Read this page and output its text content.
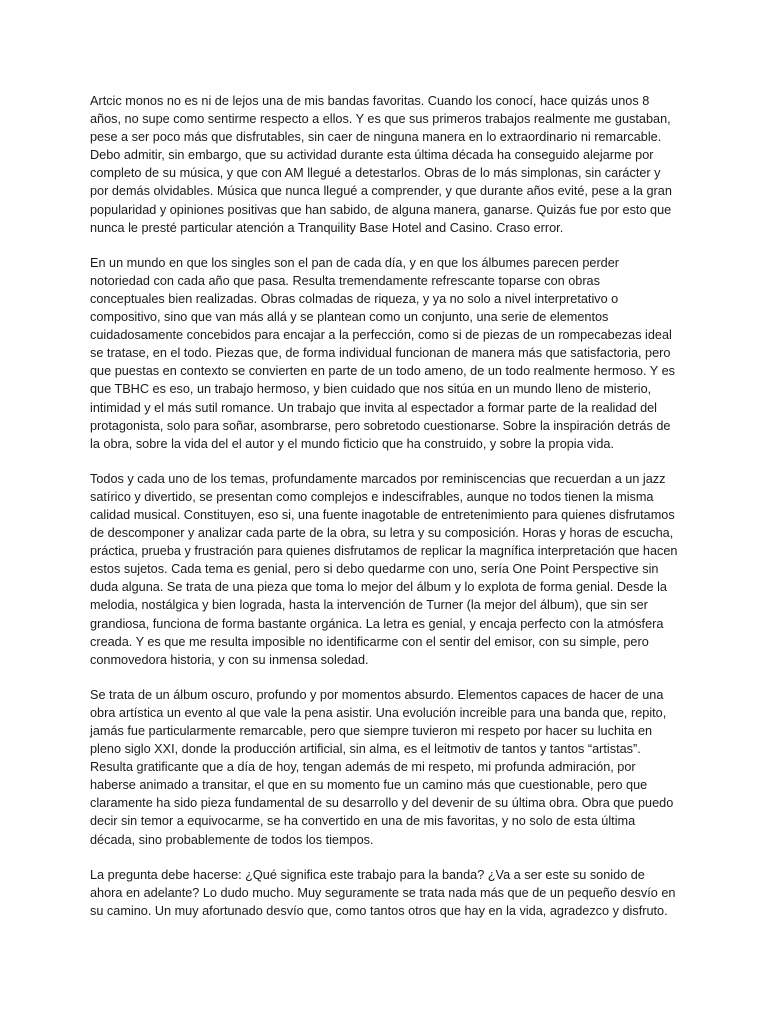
Artcic monos no es ni de lejos una de mis bandas favoritas. Cuando los conocí, hace quizás unos 8 años, no supe como sentirme respecto a ellos. Y es que sus primeros trabajos realmente me gustaban, pese a ser poco más que disfrutables, sin caer de ninguna manera en lo extraordinario ni remarcable. Debo admitir, sin embargo, que su actividad durante esta última década ha conseguido alejarme por completo de su música, y que con AM llegué a detestarlos. Obras de lo más simplonas, sin carácter y por demás olvidables. Música que nunca llegué a comprender, y que durante años evité, pese a la gran popularidad y opiniones positivas que han sabido, de alguna manera, ganarse. Quizás fue por esto que nunca le presté particular atención a Tranquility Base Hotel and Casino. Craso error.

En un mundo en que los singles son el pan de cada día, y en que los álbumes parecen perder notoriedad con cada año que pasa. Resulta tremendamente refrescante toparse con obras conceptuales bien realizadas. Obras colmadas de riqueza, y ya no solo a nivel interpretativo o compositivo, sino que van más allá y se plantean como un conjunto, una serie de elementos cuidadosamente concebidos para encajar a la perfección, como si de piezas de un rompecabezas ideal se tratase, en el todo. Piezas que, de forma individual funcionan de manera más que satisfactoria, pero que puestas en contexto se convierten en parte de un todo ameno, de un todo realmente hermoso. Y es que TBHC es eso, un trabajo hermoso, y bien cuidado que nos sitúa en un mundo lleno de misterio, intimidad y el más sutil romance. Un trabajo que invita al espectador a formar parte de la realidad del protagonista, solo para soñar, asombrarse, pero sobretodo cuestionarse. Sobre la inspiración detrás de la obra, sobre la vida del el autor y el mundo ficticio que ha construido, y sobre la propia vida.

Todos y cada uno de los temas, profundamente marcados por reminiscencias que recuerdan a un jazz satírico y divertido, se presentan como complejos e indescifrables, aunque no todos tienen la misma calidad musical. Constituyen, eso si, una fuente inagotable de entretenimiento para quienes disfrutamos de descomponer y analizar cada parte de la obra, su letra y su composición. Horas y horas de escucha, práctica, prueba y frustración para quienes disfrutamos de replicar la magnífica interpretación que hacen estos sujetos. Cada tema es genial, pero si debo quedarme con uno, sería One Point Perspective sin duda alguna. Se trata de una pieza que toma lo mejor del álbum y lo explota de forma genial. Desde la melodia, nostálgica y bien lograda, hasta la intervención de Turner (la mejor del álbum), que sin ser grandiosa, funciona de forma bastante orgánica. La letra es genial, y encaja perfecto con la atmósfera creada. Y es que me resulta imposible no identificarme con el sentir del emisor, con su simple, pero conmovedora historia, y con su inmensa soledad.

Se trata de un álbum oscuro, profundo y por momentos absurdo. Elementos capaces de hacer de una obra artística un evento al que vale la pena asistir. Una evolución increible para una banda que, repito, jamás fue particularmente remarcable, pero que siempre tuvieron mi respeto por hacer su luchita en pleno siglo XXI, donde la producción artificial, sin alma, es el leitmotiv de tantos y tantos “artistas”. Resulta gratificante que a día de hoy, tengan además de mi respeto, mi profunda admiración, por haberse animado a transitar, el que en su momento fue un camino más que cuestionable, pero que claramente ha sido pieza fundamental de su desarrollo y del devenir de su última obra. Obra que puedo decir sin temor a equivocarme, se ha convertido en una de mis favoritas, y no solo de esta última década, sino probablemente de todos los tiempos.

La pregunta debe hacerse: ¿Qué significa este trabajo para la banda? ¿Va a ser este su sonido de ahora en adelante? Lo dudo mucho. Muy seguramente se trata nada más que de un pequeño desvío en su camino. Un muy afortunado desvío que, como tantos otros que hay en la vida, agradezco y disfruto.
